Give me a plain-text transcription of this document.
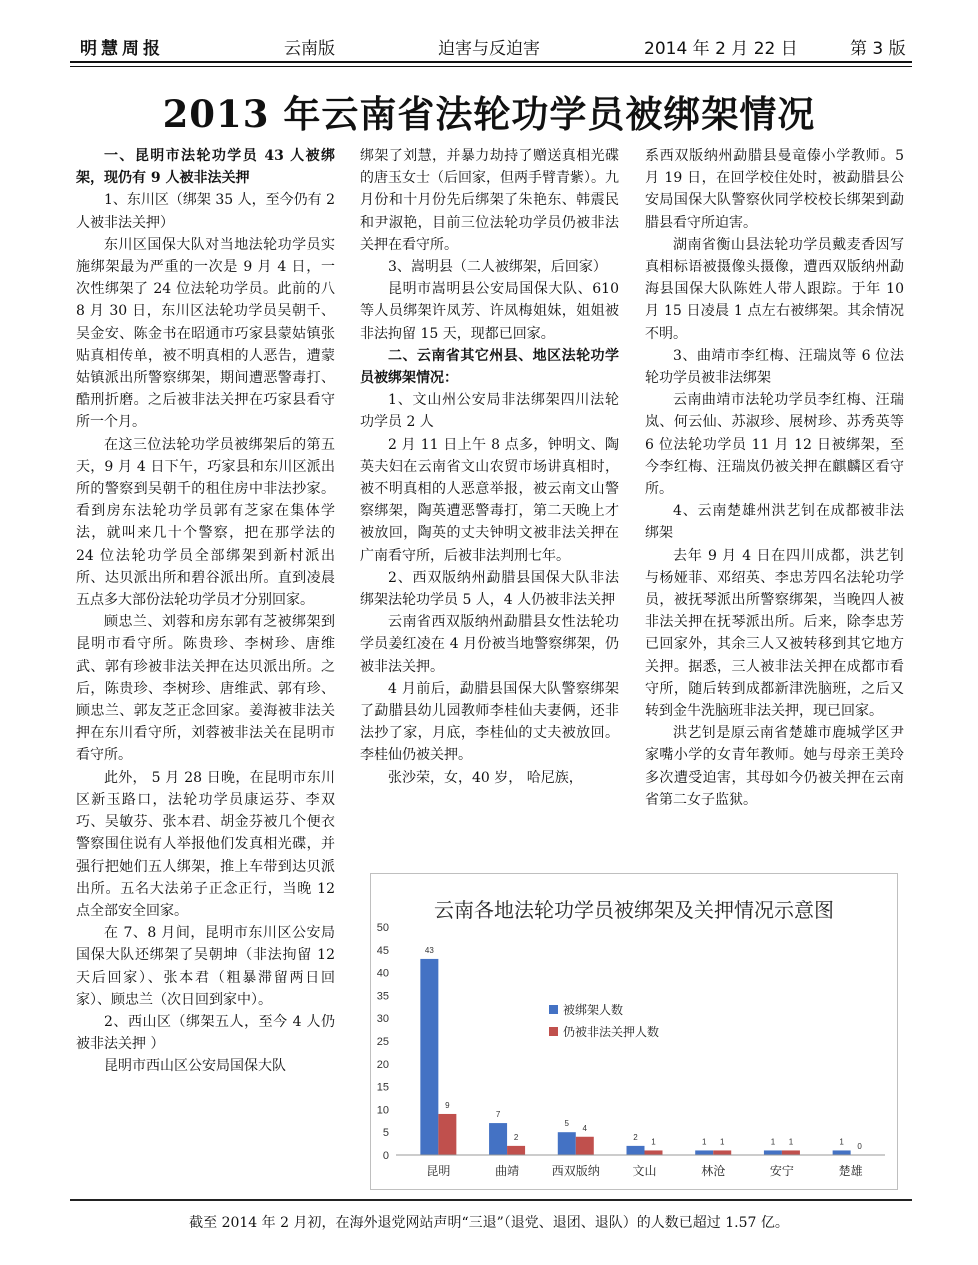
明慧周报	云南版	迫害与反迫害	2014 年 2 月 22 日	第 3 版
2013 年云南省法轮功学员被绑架情况

一、昆明市法轮功学员 43 人被绑架，现仍有 9 人被非法关押

1、东川区（绑架 35 人，至今仍有 2 人被非法关押）

东川区国保大队对当地法轮功学员实施绑架最为严重的一次是 9 月 4 日，一次性绑架了 24 位法轮功学员。此前的八 8 月 30 日，东川区法轮功学员吴朝千、吴金安、陈金书在昭通市巧家县蒙姑镇张贴真相传单，被不明真相的人恶告，遭蒙姑镇派出所警察绑架，期间遭恶警毒打、酷刑折磨。之后被非法关押在巧家县看守所一个月。

在这三位法轮功学员被绑架后的第五天，9 月 4 日下午，巧家县和东川区派出所的警察到吴朝千的租住房中非法抄家。看到房东法轮功学员郭有芝家在集体学法，就叫来几十个警察，把在那学法的 24 位法轮功学员全部绑架到新村派出所、达贝派出所和碧谷派出所。直到凌晨五点多大部份法轮功学员才分别回家。

顾忠兰、刘蓉和房东郭有芝被绑架到昆明市看守所。陈贵珍、李树珍、唐维武、郭有珍被非法关押在达贝派出所。之后，陈贵珍、李树珍、唐维武、郭有珍、顾忠兰、郭友芝正念回家。姜海被非法关押在东川看守所，刘蓉被非法关在昆明市看守所。

此外， 5 月 28 日晚，在昆明市东川区新玉路口，法轮功学员康运芬、李双巧、吴敏芬、张本君、胡金芬被几个便衣警察围住说有人举报他们发真相光碟，并强行把她们五人绑架，推上车带到达贝派出所。五名大法弟子正念正行，当晚 12 点全部安全回家。

在 7、8 月间，昆明市东川区公安局国保大队还绑架了吴朝坤（非法拘留 12 天后回家）、张本君（粗暴滞留两日回家）、顾忠兰（次日回到家中）。

2、西山区（绑架五人，至今 4 人仍被非法关押 ）

昆明市西山区公安局国保大队

绑架了刘慧，并暴力劫持了赠送真相光碟的唐玉女士（后回家，但两手臂青紫）。九月份和十月份先后绑架了朱艳东、韩震民和尹淑艳，目前三位法轮功学员仍被非法关押在看守所。

3、嵩明县（二人被绑架，后回家）

昆明市嵩明县公安局国保大队、610 等人员绑架许凤芳、许凤梅姐妹，姐姐被非法拘留 15 天，现都已回家。

二、云南省其它州县、地区法轮功学员被绑架情况：

1、文山州公安局非法绑架四川法轮功学员 2 人

2 月 11 日上午 8 点多，钟明文、陶英夫妇在云南省文山农贸市场讲真相时，被不明真相的人恶意举报，被云南文山警察绑架，陶英遭恶警毒打，第二天晚上才被放回，陶英的丈夫钟明文被非法关押在广南看守所，后被非法判刑七年。

2、西双版纳州勐腊县国保大队非法绑架法轮功学员 5 人，4 人仍被非法关押

云南省西双版纳州勐腊县女性法轮功学员姜红凌在 4 月份被当地警察绑架，仍被非法关押。

4 月前后，勐腊县国保大队警察绑架了勐腊县幼儿园教师李桂仙夫妻俩，还非法抄了家，月底，李桂仙的丈夫被放回。李桂仙仍被关押。

张沙荣，女，40 岁， 哈尼族，

系西双版纳州勐腊县曼竜傣小学教师。5 月 19 日，在回学校住处时，被勐腊县公安局国保大队警察伙同学校校长绑架到勐腊县看守所迫害。

湖南省衡山县法轮功学员戴麦香因写真相标语被摄像头摄像，遭西双版纳州勐海县国保大队陈姓人带人跟踪。于年 10 月 15 日凌晨 1 点左右被绑架。其余情况不明。

3、曲靖市李红梅、汪瑞岚等 6 位法轮功学员被非法绑架

云南曲靖市法轮功学员李红梅、汪瑞岚、何云仙、苏淑珍、展树珍、苏秀英等 6 位法轮功学员 11 月 12 日被绑架，至今李红梅、汪瑞岚仍被关押在麒麟区看守所。

4、云南楚雄州洪艺钊在成都被非法绑架

去年 9 月 4 日在四川成都，洪艺钊与杨娅菲、邓绍英、李忠芳四名法轮功学员，被抚琴派出所警察绑架，当晚四人被非法关押在抚琴派出所。后来，除李忠芳已回家外，其余三人又被转移到其它地方关押。据悉，三人被非法关押在成都市看守所，随后转到成都新津洗脑班，之后又转到金牛洗脑班非法关押，现已回家。

洪艺钊是原云南省楚雄市鹿城学区尹家嘴小学的女青年教师。她与母亲王美玲多次遭受迫害，其母如今仍被关押在云南省第二女子监狱。

云南各地法轮功学员被绑架及关押情况示意图
0
5
10
15
20
25
30
35
40
45
50
43
9
昆明
7
2
曲靖
5
4
西双版纳
2
1
文山
1 1
林沧
1 1
安宁
1
0
楚雄
被绑架人数
仍被非法关押人数
截至 2014 年 2 月初，在海外退党网站声明“三退”（退党、退团、退队）的人数已超过 1.57 亿。
